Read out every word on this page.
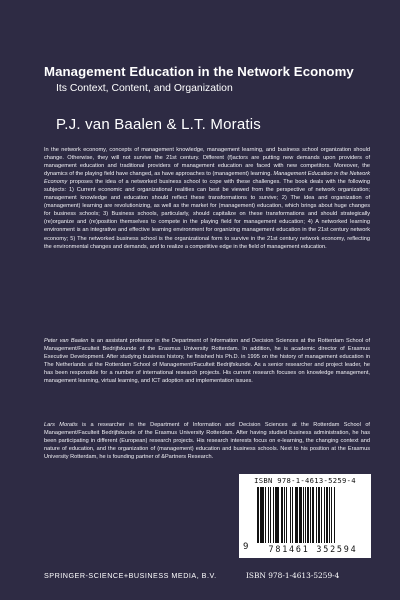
Management Education in the Network Economy
Its Context, Content, and Organization
P.J. van Baalen & L.T. Moratis
In the network economy, concepts of management knowledge, management learning, and business school organization should change. Otherwise, they will not survive the 21st century. Different (f)actors are putting new demands upon providers of management education and traditional providers of management education are faced with new competitors. Moreover, the dynamics of the playing field have changed, as have approaches to (management) learning. Management Education in the Network Economy proposes the idea of a networked business school to cope with these challenges. The book deals with the following subjects: 1) Current economic and organizational realities can best be viewed from the perspective of network organization; management knowledge and education should reflect these transformations to survive; 2) The idea and organization of (management) learning are revolutionizing, as well as the market for (management) education, which brings about huge changes for business schools; 3) Business schools, particularly, should capitalize on these transformations and should strategically (re)organize and (re)position themselves to compete in the playing field for management education; 4) A networked learning environment is an integrative and effective learning environment for organizing management education in the 21st century network economy; 5) The networked business school is the organizational form to survive in the 21st century network economy, reflecting the environmental changes and demands, and to realize a competitive edge in the field of management education.
Peter van Baalen is an assistant professor in the Department of Information and Decision Sciences at the Rotterdam School of Management/Faculteit Bedrijfskunde of the Erasmus University Rotterdam. In addition, he is academic director of Erasmus Executive Development. After studying business history, he finished his Ph.D. in 1995 on the history of management education in The Netherlands at the Rotterdam School of Management/Faculteit Bedrijfskunde. As a senior researcher and project leader, he has been responsible for a number of international research projects. His current research focuses on knowledge management, management learning, virtual learning, and ICT adoption and implementation issues.
Lars Moratis is a researcher in the Department of Information and Decision Sciences at the Rotterdam School of Management/Faculteit Bedrijfskunde of the Erasmus University Rotterdam. After having studied business administration, he has been participating in different (European) research projects. His research interests focus on e-learning, the changing context and nature of education, and the organization of (management) education and business schools. Next to his position at the Erasmus University Rotterdam, he is founding partner of &Partners Research.
ISBN 978-1-4613-5259-4
9	781461 352594
SPRINGER-SCIENCE+BUSINESS MEDIA, B.V.	ISBN 978-1-4613-5259-4
